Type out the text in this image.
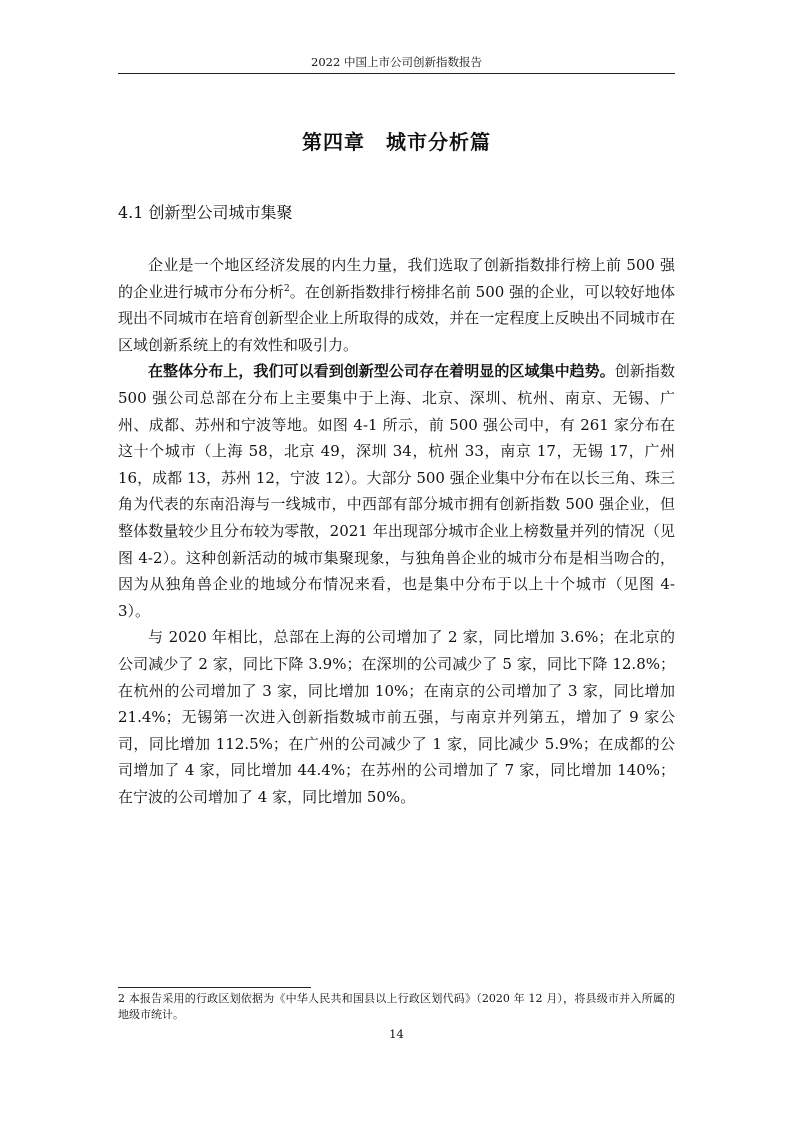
2022 中国上市公司创新指数报告
第四章　城市分析篇
4.1 创新型公司城市集聚

企业是一个地区经济发展的内生力量，我们选取了创新指数排行榜上前 500 强的企业进行城市分布分析$^2$。在创新指数排行榜排名前 500 强的企业，可以较好地体现出不同城市在培育创新型企业上所取得的成效，并在一定程度上反映出不同城市在区域创新系统上的有效性和吸引力。

在整体分布上，我们可以看到创新型公司存在着明显的区域集中趋势。创新指数 500 强公司总部在分布上主要集中于上海、北京、深圳、杭州、南京、无锡、广州、成都、苏州和宁波等地。如图 4-1 所示，前 500 强公司中，有 261 家分布在这十个城市（上海 58，北京 49，深圳 34，杭州 33，南京 17，无锡 17，广州 16，成都 13，苏州 12，宁波 12）。大部分 500 强企业集中分布在以长三角、珠三角为代表的东南沿海与一线城市，中西部有部分城市拥有创新指数 500 强企业，但整体数量较少且分布较为零散，2021 年出现部分城市企业上榜数量并列的情况（见图 4-2）。这种创新活动的城市集聚现象，与独角兽企业的城市分布是相当吻合的，因为从独角兽企业的地域分布情况来看，也是集中分布于以上十个城市（见图 4-3）。

与 2020 年相比，总部在上海的公司增加了 2 家，同比增加 3.6%；在北京的公司减少了 2 家，同比下降 3.9%；在深圳的公司减少了 5 家，同比下降 12.8%；在杭州的公司增加了 3 家，同比增加 10%；在南京的公司增加了 3 家，同比增加 21.4%；无锡第一次进入创新指数城市前五强，与南京并列第五，增加了 9 家公司，同比增加 112.5%；在广州的公司减少了 1 家，同比减少 5.9%；在成都的公司增加了 4 家，同比增加 44.4%；在苏州的公司增加了 7 家，同比增加 140%；在宁波的公司增加了 4 家，同比增加 50%。

2 本报告采用的行政区划依据为《中华人民共和国县以上行政区划代码》（2020 年 12 月），将县级市并入所属的地级市统计。
14
